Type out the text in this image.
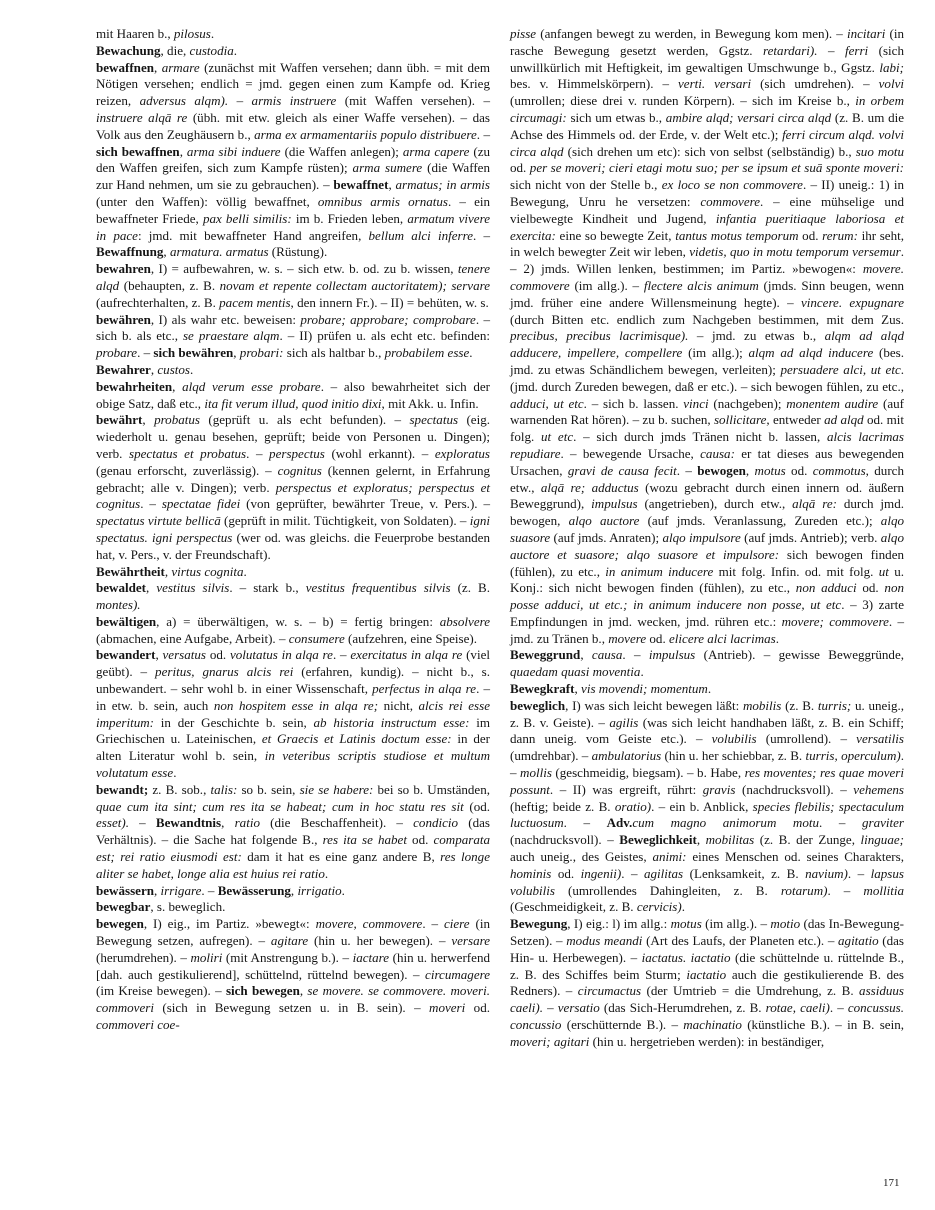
mit Haaren b., pilosus.

Bewachung, die, custodia.

bewaffnen, armare (zunächst mit Waffen versehen; dann übh. = mit dem Nötigen versehen; endlich = jmd. gegen einen zum Kampfe od. Krieg reizen, adversus alqm). – armis instruere (mit Waffen versehen). – instruere alqā re (übh. mit etw. gleich als einer Waffe versehen). – das Volk aus den Zeughäusern b., arma ex armamentariis populo distribuere. – sich bewaffnen, arma sibi induere (die Waffen anlegen); arma capere (zu den Waffen greifen, sich zum Kampfe rüsten); arma sumere (die Waffen zur Hand nehmen, um sie zu gebrauchen). – bewaffnet, armatus; in armis (unter den Waffen): völlig bewaffnet, omnibus armis ornatus. – ein bewaffneter Friede, pax belli similis: im b. Frieden leben, armatum vivere in pace: jmd. mit bewaffneter Hand angreifen, bellum alci inferre. – Bewaffnung, armatura. armatus (Rüstung).

bewahren, I) = aufbewahren, w. s. – sich etw. b. od. zu b. wissen, tenere alqd (behaupten, z. B. novam et repente collectam auctoritatem); servare (aufrechterhalten, z. B. pacem mentis, den innern Fr.). – II) = behüten, w. s.

bewähren, I) als wahr etc. beweisen: probare; approbare; comprobare. – sich b. als etc., se praestare alqm. – II) prüfen u. als echt etc. befinden: probare. – sich bewähren, probari: sich als haltbar b., probabilem esse.

Bewahrer, custos.

bewahrheiten, alqd verum esse probare. – also bewahrheitet sich der obige Satz, daß etc., ita fit verum illud, quod initio dixi, mit Akk. u. Infin.

bewährt, probatus (geprüft u. als echt befunden). – spectatus (eig. wiederholt u. genau besehen, geprüft; beide von Personen u. Dingen); verb. spectatus et probatus. – perspectus (wohl erkannt). – exploratus (genau erforscht, zuverlässig). – cognitus (kennen gelernt, in Erfahrung gebracht; alle v. Dingen); verb. perspectus et exploratus; perspectus et cognitus. – spectatae fidei (von geprüfter, bewährter Treue, v. Pers.). – spectatus virtute bellicā (geprüft in milit. Tüchtigkeit, von Soldaten). – igni spectatus. igni perspectus (wer od. was gleichs. die Feuerprobe bestanden hat, v. Pers., v. der Freundschaft).

Bewährtheit, virtus cognita.

bewaldet, vestitus silvis. – stark b., vestitus frequentibus silvis (z. B. montes).

bewältigen, a) = überwältigen, w. s. – b) = fertig bringen: absolvere (abmachen, eine Aufgabe, Arbeit). – consumere (aufzehren, eine Speise).

bewandert, versatus od. volutatus in alqa re. – exercitatus in alqa re (viel geübt). – peritus, gnarus alcis rei (erfahren, kundig). – nicht b., s. unbewandert. – sehr wohl b. in einer Wissenschaft, perfectus in alqa re. – in etw. b. sein, auch non hospitem esse in alqa re; nicht, alcis rei esse imperitum: in der Geschichte b. sein, ab historia instructum esse: im Griechischen u. Lateinischen, et Graecis et Latinis doctum esse: in der alten Literatur wohl b. sein, in veteribus scriptis studiose et multum volutatum esse.

bewandt; z. B. sob., talis: so b. sein, sie se habere: bei so b. Umständen, quae cum ita sint; cum res ita se habeat; cum in hoc statu res sit (od. esset). – Bewandtnis, ratio (die Beschaffenheit). – condicio (das Verhältnis). – die Sache hat folgende B., res ita se habet od. comparata est; rei ratio eiusmodi est: dam it hat es eine ganz andere B, res longe aliter se habet, longe alia est huius rei ratio.

bewässern, irrigare. – Bewässerung, irrigatio.

bewegbar, s. beweglich.

bewegen, I) eig., im Partiz. »bewegt«: movere, commovere. – ciere (in Bewegung setzen, aufregen). – agitare (hin u. her bewegen). – versare (herumdrehen). – moliri (mit Anstrengung b.). – iactare (hin u. herwerfend [dah. auch gestikulierend], schüttelnd, rüttelnd bewegen). – circumagere (im Kreise bewegen). – sich bewegen, se movere. se commovere. moveri. commoveri (sich in Bewegung setzen u. in B. sein). – moveri od. commoveri coe-

pisse (anfangen bewegt zu werden, in Bewegung kom men). – incitari (in rasche Bewegung gesetzt werden, Ggstz. retardari). – ferri (sich unwillkürlich mit Heftigkeit, im gewaltigen Umschwunge b., Ggstz. labi; bes. v. Himmelskörpern). – verti. versari (sich umdrehen). – volvi (umrollen; diese drei v. runden Körpern). – sich im Kreise b., in orbem circumagi: sich um etwas b., ambire alqd; versari circa alqd (z. B. um die Achse des Himmels od. der Erde, v. der Welt etc.); ferri circum alqd. volvi circa alqd (sich drehen um etc): sich von selbst (selbständig) b., suo motu od. per se moveri; cieri etagi motu suo; per se ipsum et suā sponte moveri: sich nicht von der Stelle b., ex loco se non commovere. – II) uneig.: 1) in Bewegung, Unru he versetzen: commovere. – eine mühselige und vielbewegte Kindheit und Jugend, infantia pueritiaque laboriosa et exercita: eine so bewegte Zeit, tantus motus temporum od. rerum: ihr seht, in welch bewegter Zeit wir leben, videtis, quo in motu temporum versemur. – 2) jmds. Willen lenken, bestimmen; im Partiz. »bewogen«: movere. commovere (im allg.). – flectere alcis animum (jmds. Sinn beugen, wenn jmd. früher eine andere Willensmeinung hegte). – vincere. expugnare (durch Bitten etc. endlich zum Nachgeben bestimmen, mit dem Zus. precibus, precibus lacrimisque). – jmd. zu etwas b., alqm ad alqd adducere, impellere, compellere (im allg.); alqm ad alqd inducere (bes. jmd. zu etwas Schändlichem bewegen, verleiten); persuadere alci, ut etc. (jmd. durch Zureden bewegen, daß er etc.). – sich bewogen fühlen, zu etc., adduci, ut etc. – sich b. lassen. vinci (nachgeben); monentem audire (auf warnenden Rat hören). – zu b. suchen, sollicitare, entweder ad alqd od. mit folg. ut etc. – sich durch jmds Tränen nicht b. lassen, alcis lacrimas repudiare. – bewegende Ursache, causa: er tat dieses aus bewegenden Ursachen, gravi de causa fecit. – bewogen, motus od. commotus, durch etw., alqā re; adductus (wozu gebracht durch einen innern od. äußern Beweggrund), impulsus (angetrieben), durch etw., alqā re: durch jmd. bewogen, alqo auctore (auf jmds. Veranlassung, Zureden etc.); alqo suasore (auf jmds. Anraten); alqo impulsore (auf jmds. Antrieb); verb. alqo auctore et suasore; alqo suasore et impulsore: sich bewogen finden (fühlen), zu etc., in animum inducere mit folg. Infin. od. mit folg. ut u. Konj.: sich nicht bewogen finden (fühlen), zu etc., non adduci od. non posse adduci, ut etc.; in animum inducere non posse, ut etc. – 3) zarte Empfindungen in jmd. wecken, jmd. rühren etc.: movere; commovere. – jmd. zu Tränen b., movere od. elicere alci lacrimas.

Beweggrund, causa. – impulsus (Antrieb). – gewisse Beweggründe, quaedam quasi moventia.

Bewegkraft, vis movendi; momentum.

beweglich, I) was sich leicht bewegen läßt: mobilis (z. B. turris; u. uneig., z. B. v. Geiste). – agilis (was sich leicht handhaben läßt, z. B. ein Schiff; dann uneig. vom Geiste etc.). – volubilis (umrollend). – versatilis (umdrehbar). – ambulatorius (hin u. her schiebbar, z. B. turris, operculum). – mollis (geschmeidig, biegsam). – b. Habe, res moventes; res quae moveri possunt. – II) was ergreift, rührt: gravis (nachdrucksvoll). – vehemens (heftig; beide z. B. oratio). – ein b. Anblick, species flebilis; spectaculum luctuosum. – Adv.cum magno animorum motu. – graviter (nachdrucksvoll). – Beweglichkeit, mobilitas (z. B. der Zunge, linguae; auch uneig., des Geistes, animi: eines Menschen od. seines Charakters, hominis od. ingenii). – agilitas (Lenksamkeit, z. B. navium). – lapsus volubilis (umrollendes Dahingleiten, z. B. rotarum). – mollitia (Geschmeidigkeit, z. B. cervicis).

Bewegung, I) eig.: l) im allg.: motus (im allg.). – motio (das In-Bewegung-Setzen). – modus meandi (Art des Laufs, der Planeten etc.). – agitatio (das Hin- u. Herbewegen). – iactatus. iactatio (die schüttelnde u. rüttelnde B., z. B. des Schiffes beim Sturm; iactatio auch die gestikulierende B. des Redners). – circumactus (der Umtrieb = die Umdrehung, z. B. assiduus caeli). – versatio (das Sich-Herumdrehen, z. B. rotae, caeli). – concussus. concussio (erschütternde B.). – machinatio (künstliche B.). – in B. sein, moveri; agitari (hin u. hergetrieben werden): in beständiger,

171
